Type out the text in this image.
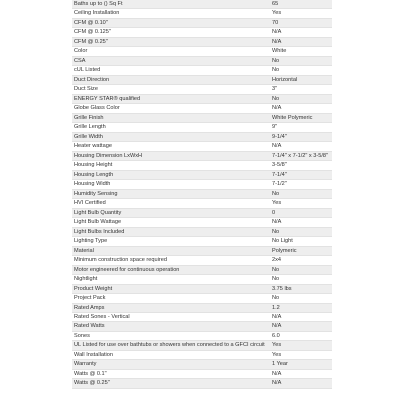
Baths up to () Sq Ft	65
Ceiling Installation	Yes
CFM @ 0.10"	70
CFM @ 0.125"	N/A
CFM @ 0.25"	N/A
Color	White
CSA	No
cUL Listed	No
Duct Direction	Horizontal
Duct Size	3"
ENERGY STAR® qualified	No
Globe Glass Color	N/A
Grille Finish	White Polymeric
Grille Length	9"
Grille Width	9-1/4"
Heater wattage	N/A
Housing Dimension LxWxH	7-1/4" x 7-1/2" x 3-5/8"
Housing Height	3-5/8"
Housing Length	7-1/4"
Housing Width	7-1/2"
Humidity Sensing	No
HVI Certified	Yes
Light Bulb Quantity	0
Light Bulb Wattage	N/A
Light Bulbs Included	No
Lighting Type	No Light
Material	Polymeric
Minimum construction space required	2x4
Motor engineered for continuous operation	No
Nightlight	No
Product Weight	3.75 lbs
Project Pack	No
Rated Amps	1.2
Rated Sones - Vertical	N/A
Rated Watts	N/A
Sones	6.0
UL Listed for use over bathtubs or showers when connected to a GFCI circuit	Yes
Wall Installation	Yes
Warranty	1 Year
Watts @ 0.1"	N/A
Watts @ 0.25"	N/A
